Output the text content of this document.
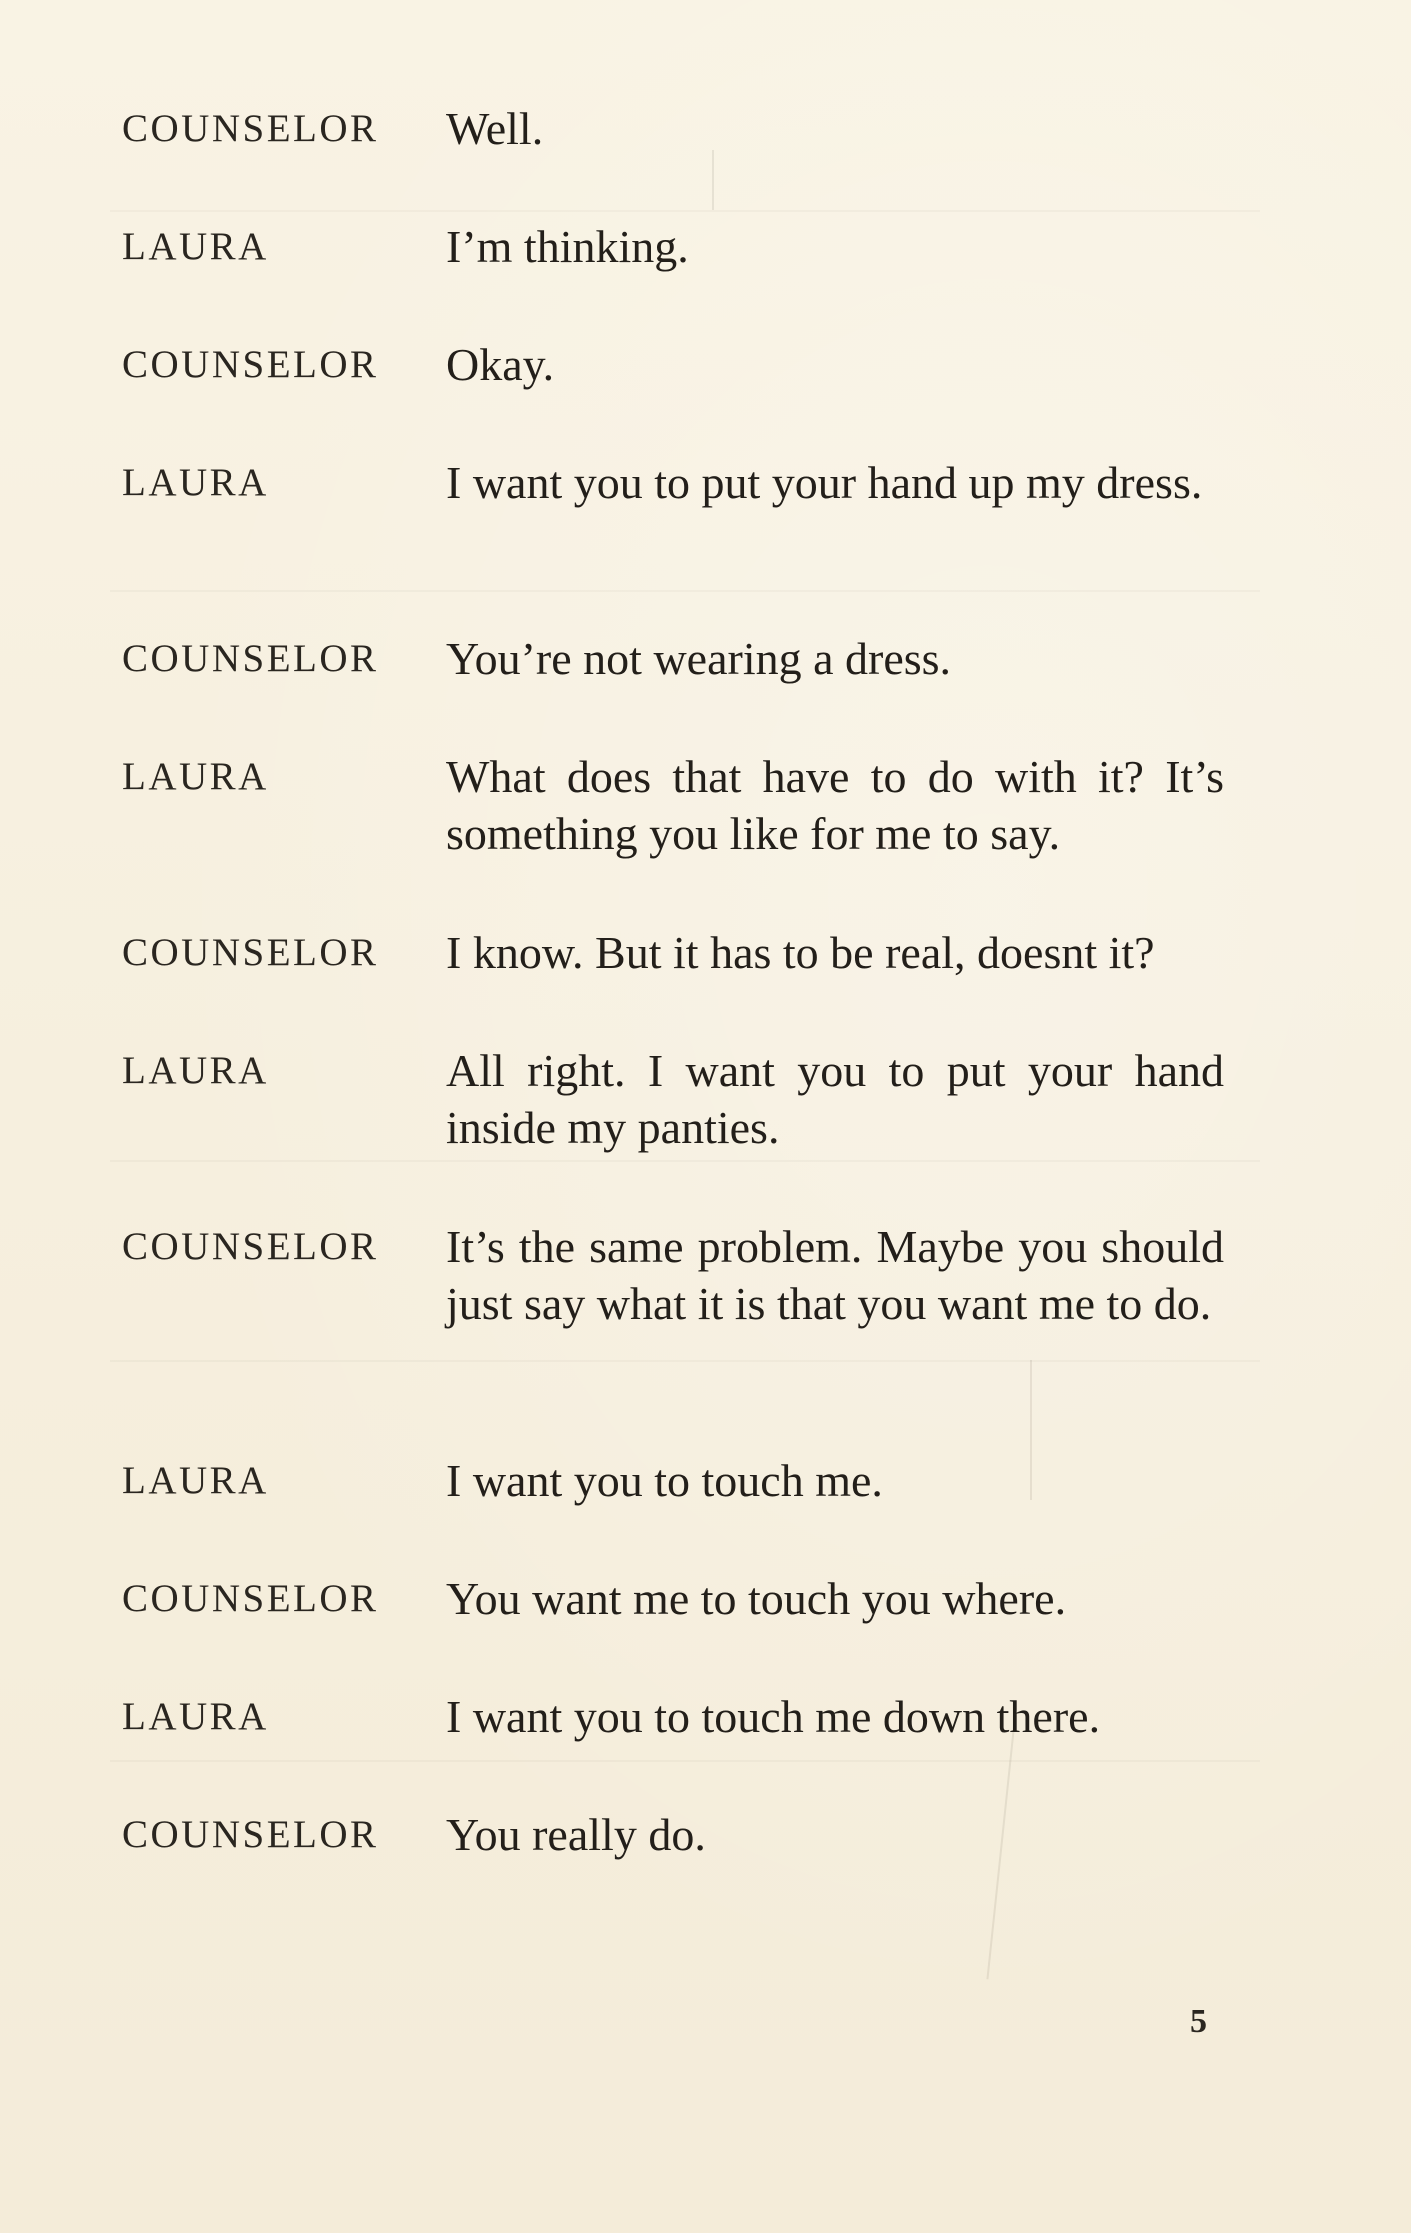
COUNSELOR Well.
LAURA	I’m thinking.
COUNSELOR Okay.
LAURA	I want you to put your hand up my dress.
COUNSELOR You’re not wearing a dress.
LAURA	What does that have to do with it? It’s something you like for me to say.
COUNSELOR I know. But it has to be real, doesnt it?
LAURA	All right. I want you to put your hand inside my panties.
COUNSELOR It’s the same problem. Maybe you should just say what it is that you want me to do.
LAURA	I want you to touch me.
COUNSELOR You want me to touch you where.
LAURA	I want you to touch me down there.
COUNSELOR You really do.
5
